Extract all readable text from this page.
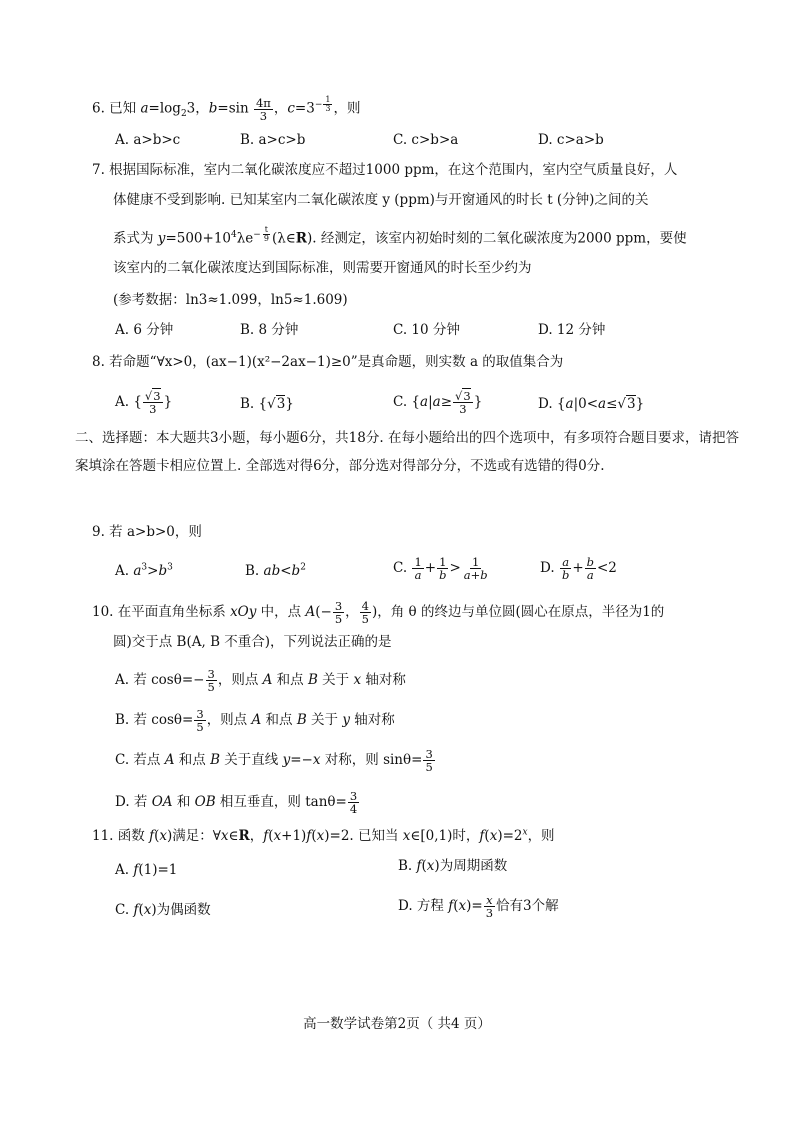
6. 已知 $a=\log_23$，$b=\sin \frac{4\pi}{3}$ ，$c=3^{- \frac{1}{3}}$ ，则
A. a>b>c	B. a>c>b	C. c>b>a	D. c>a>b
7. 根据国际标准，室内二氧化碳浓度应不超过1000 ppm，在这个范围内，室内空气质量良好，人
体健康不受到影响. 已知某室内二氧化碳浓度 y (ppm)与开窗通风的时长 t (分钟)之间的关
系式为 $y=500+10^4\lambda e^{- \frac{t}{9}}$ (λ∈R). 经测定，该室内初始时刻的二氧化碳浓度为2000 ppm，要使
该室内的二氧化碳浓度达到国际标准，则需要开窗通风的时长至少约为
(参考数据：ln3≈1.099，ln5≈1.609)
A. 6 分钟	B. 8 分钟	C. 10 分钟	D. 12 分钟
8. 若命题“∀x>0，(ax−1)(x²−2ax−1)≥0”是真命题，则实数 a 的取值集合为
A. { $\frac{√3}{3}$ }	B. {√3}	C. {$a|a\ge \frac{√3}{3}$ }	D. {a|0<a≤√3}
二、选择题：本大题共3小题，每小题6分，共18分. 在每小题给出的四个选项中，有多项符合题目要求，请把答案填涂在答题卡相应位置上. 全部选对得6分，部分选对得部分分，不选或有选错的得0分.
9. 若 a>b>0，则
A. $a^3>b^3$	B. $ab<b^2$	C. $\frac{1}{a} + \frac{1}{b} > \frac{1}{a+b}$	D. $\frac{a}{b} + \frac{b}{a} <2$
10. 在平面直角坐标系 xOy 中，点 $A(- \frac{3}{5}$ ， $\frac{4}{5}$ )，角 θ 的终边与单位圆(圆心在原点，半径为1的
圆)交于点 B(A, B 不重合)，下列说法正确的是
A. 若 $\cos\theta=- \frac{3}{5}$ ，则点 A 和点 B 关于 x 轴对称
B. 若 $\cos\theta= \frac{3}{5}$ ，则点 A 和点 B 关于 y 轴对称
C. 若点 A 和点 B 关于直线 y=−x 对称，则 $\sin\theta= \frac{3}{5}$
D. 若 OA 和 OB 相互垂直，则 $\tan\theta= \frac{3}{4}$
11. 函数 f(x)满足：∀x∈R，f(x+1)f(x)=2. 已知当 x∈[0,1)时，$f(x)=2^x$，则
A. f(1)=1	B. f(x)为周期函数
C. f(x)为偶函数	D. 方程 $f(x)= \frac{x}{3}$ 恰有3个解
高一数学试卷第2页（ 共4 页）
